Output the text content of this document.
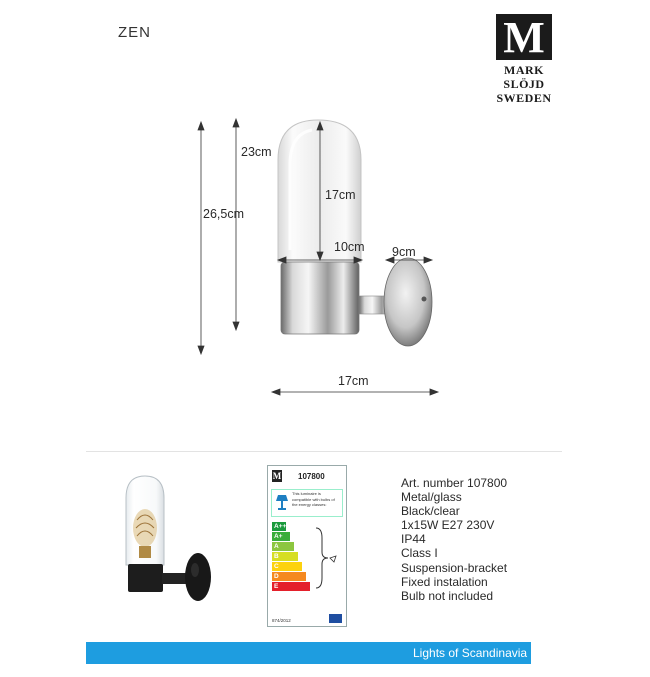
ZEN	M
MARK
SLÖJD
SWEDEN
26,5cm
23cm
17cm
10cm 9cm
17cm
M 107800
This luminaire is compatible with bulbs of the energy classes:
A++
A+
A
B
C
D
E
874/2012
Art. number 107800
Metal/glass
Black/clear
1x15W E27 230V
IP44
Class I
Suspension-bracket
Fixed instalation
Bulb not included
Lights of Scandinavia
